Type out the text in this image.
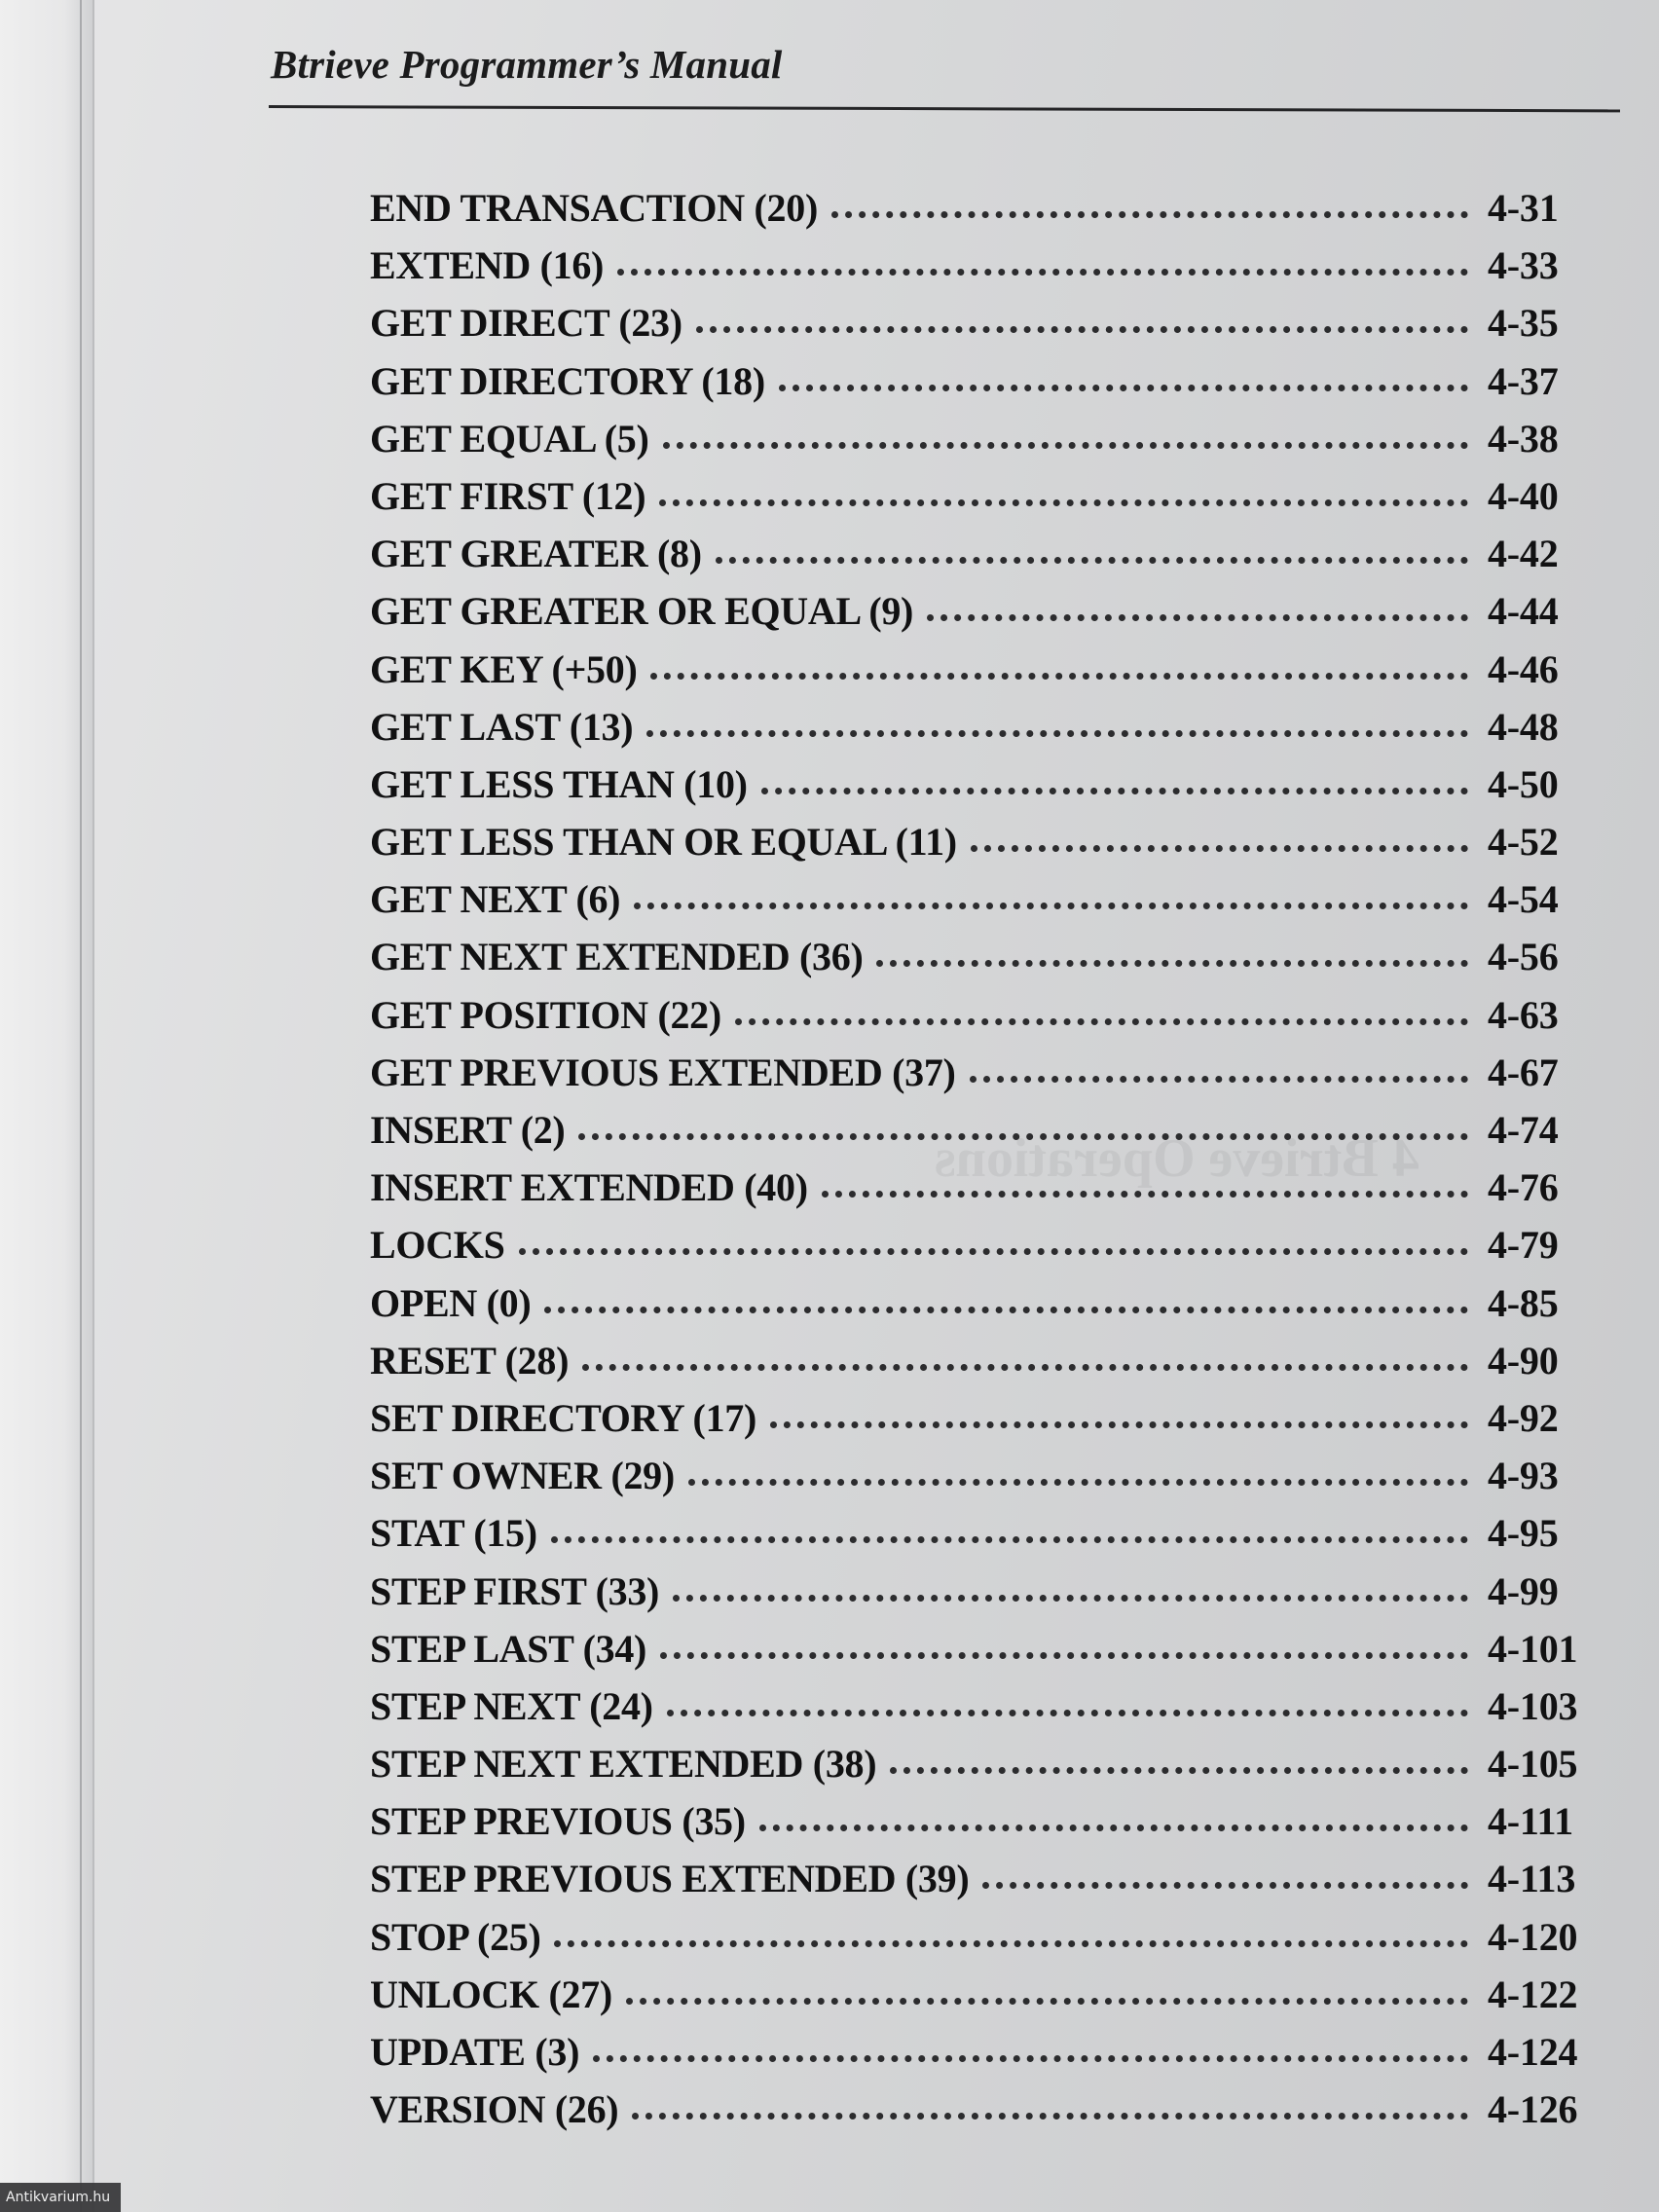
Btrieve Programmer’s Manual
4 Btrieve Operations
END TRANSACTION (20)	4-31
EXTEND (16)	4-33
GET DIRECT (23)	4-35
GET DIRECTORY (18)	4-37
GET EQUAL (5)	4-38
GET FIRST (12)	4-40
GET GREATER (8)	4-42
GET GREATER OR EQUAL (9)	4-44
GET KEY (+50)	4-46
GET LAST (13)	4-48
GET LESS THAN (10)	4-50
GET LESS THAN OR EQUAL (11)	4-52
GET NEXT (6)	4-54
GET NEXT EXTENDED (36)	4-56
GET POSITION (22)	4-63
GET PREVIOUS EXTENDED (37)	4-67
INSERT (2)	4-74
INSERT EXTENDED (40)	4-76
LOCKS	4-79
OPEN (0)	4-85
RESET (28)	4-90
SET DIRECTORY (17)	4-92
SET OWNER (29)	4-93
STAT (15)	4-95
STEP FIRST (33)	4-99
STEP LAST (34)	4-101
STEP NEXT (24)	4-103
STEP NEXT EXTENDED (38)	4-105
STEP PREVIOUS (35)	4-111
STEP PREVIOUS EXTENDED (39)	4-113
STOP (25)	4-120
UNLOCK (27)	4-122
UPDATE (3)	4-124
VERSION (26)	4-126
Antikvarium.hu
